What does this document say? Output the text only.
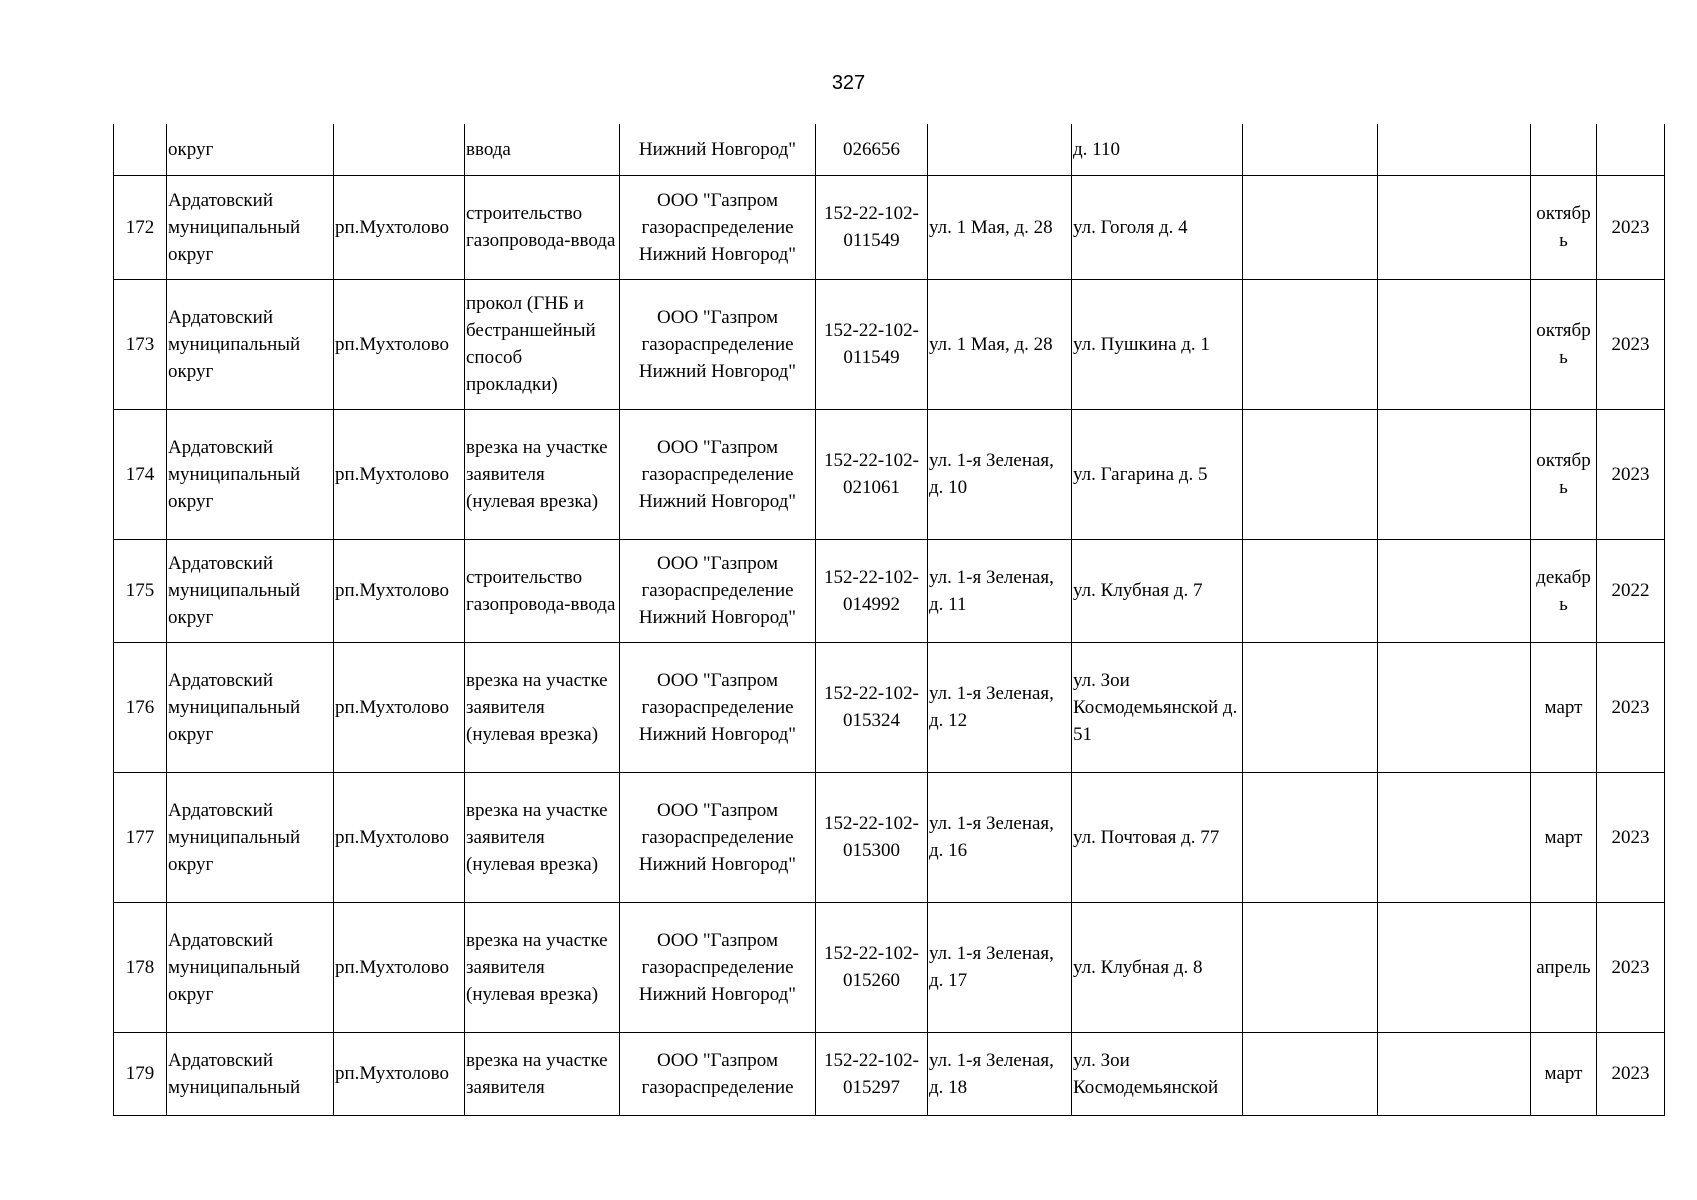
327
	округ		ввода	Нижний Новгород"	026656		д. 110				
172	Ардатовский муниципальный округ	рп.Мухтолово	строительство газопровода-ввода	ООО "Газпром газораспределение Нижний Новгород"	152-22-102-011549	ул. 1 Мая, д. 28	ул. Гоголя д. 4			октябрь	2023
173	Ардатовский муниципальный округ	рп.Мухтолово	прокол (ГНБ и бестраншейный способ прокладки)	ООО "Газпром газораспределение Нижний Новгород"	152-22-102-011549	ул. 1 Мая, д. 28	ул. Пушкина д. 1			октябрь	2023
174	Ардатовский муниципальный округ	рп.Мухтолово	врезка на участке заявителя (нулевая врезка)	ООО "Газпром газораспределение Нижний Новгород"	152-22-102-021061	ул. 1-я Зеленая, д. 10	ул. Гагарина д. 5			октябрь	2023
175	Ардатовский муниципальный округ	рп.Мухтолово	строительство газопровода-ввода	ООО "Газпром газораспределение Нижний Новгород"	152-22-102-014992	ул. 1-я Зеленая, д. 11	ул. Клубная д. 7			декабрь	2022
176	Ардатовский муниципальный округ	рп.Мухтолово	врезка на участке заявителя (нулевая врезка)	ООО "Газпром газораспределение Нижний Новгород"	152-22-102-015324	ул. 1-я Зеленая, д. 12	ул. Зои Космодемьянской д. 51			март	2023
177	Ардатовский муниципальный округ	рп.Мухтолово	врезка на участке заявителя (нулевая врезка)	ООО "Газпром газораспределение Нижний Новгород"	152-22-102-015300	ул. 1-я Зеленая, д. 16	ул. Почтовая д. 77			март	2023
178	Ардатовский муниципальный округ	рп.Мухтолово	врезка на участке заявителя (нулевая врезка)	ООО "Газпром газораспределение Нижний Новгород"	152-22-102-015260	ул. 1-я Зеленая, д. 17	ул. Клубная д. 8			апрель	2023
179	Ардатовский муниципальный	рп.Мухтолово	врезка на участке заявителя	ООО "Газпром газораспределение	152-22-102-015297	ул. 1-я Зеленая, д. 18	ул. Зои Космодемьянской			март	2023
